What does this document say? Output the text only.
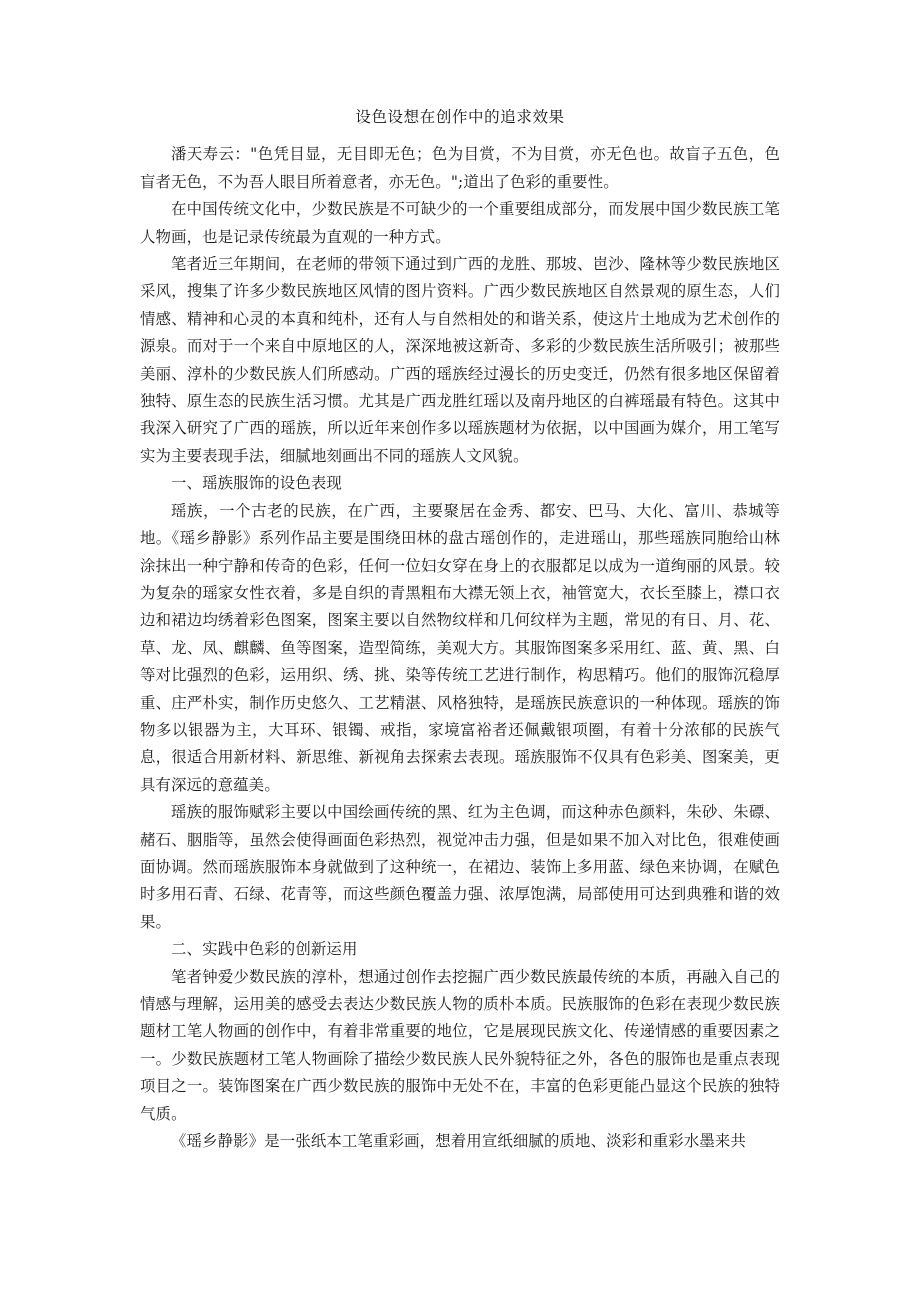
设色设想在创作中的追求效果

潘天寿云："色凭目显，无目即无色；色为目赏，不为目赏，亦无色也。故盲子五色，色盲者无色，不为吾人眼目所着意者，亦无色。";道出了色彩的重要性。

在中国传统文化中，少数民族是不可缺少的一个重要组成部分，而发展中国少数民族工笔人物画，也是记录传统最为直观的一种方式。

笔者近三年期间，在老师的带领下通过到广西的龙胜、那坡、岜沙、隆林等少数民族地区采风，搜集了许多少数民族地区风情的图片资料。广西少数民族地区自然景观的原生态，人们情感、精神和心灵的本真和纯朴，还有人与自然相处的和谐关系，使这片土地成为艺术创作的源泉。而对于一个来自中原地区的人，深深地被这新奇、多彩的少数民族生活所吸引；被那些美丽、淳朴的少数民族人们所感动。广西的瑶族经过漫长的历史变迁，仍然有很多地区保留着独特、原生态的民族生活习惯。尤其是广西龙胜红瑶以及南丹地区的白裤瑶最有特色。这其中我深入研究了广西的瑶族，所以近年来创作多以瑶族题材为依据，以中国画为媒介，用工笔写实为主要表现手法，细腻地刻画出不同的瑶族人文风貌。

一、瑶族服饰的设色表现

瑶族，一个古老的民族，在广西，主要聚居在金秀、都安、巴马、大化、富川、恭城等地。《瑶乡静影》系列作品主要是围绕田林的盘古瑶创作的，走进瑶山，那些瑶族同胞给山林涂抹出一种宁静和传奇的色彩，任何一位妇女穿在身上的衣服都足以成为一道绚丽的风景。较为复杂的瑶家女性衣着，多是自织的青黑粗布大襟无领上衣，袖管宽大，衣长至膝上，襟口衣边和裙边均绣着彩色图案，图案主要以自然物纹样和几何纹样为主题，常见的有日、月、花、草、龙、凤、麒麟、鱼等图案，造型简练，美观大方。其服饰图案多采用红、蓝、黄、黑、白等对比强烈的色彩，运用织、绣、挑、染等传统工艺进行制作，构思精巧。他们的服饰沉稳厚重、庄严朴实，制作历史悠久、工艺精湛、风格独特，是瑶族民族意识的一种体现。瑶族的饰物多以银器为主，大耳环、银镯、戒指，家境富裕者还佩戴银项圈，有着十分浓郁的民族气息，很适合用新材料、新思维、新视角去探索去表现。瑶族服饰不仅具有色彩美、图案美，更具有深远的意蕴美。

瑶族的服饰赋彩主要以中国绘画传统的黑、红为主色调，而这种赤色颜料，朱砂、朱磦、赭石、胭脂等，虽然会使得画面色彩热烈，视觉冲击力强，但是如果不加入对比色，很难使画面协调。然而瑶族服饰本身就做到了这种统一，在裙边、装饰上多用蓝、绿色来协调，在赋色时多用石青、石绿、花青等，而这些颜色覆盖力强、浓厚饱满，局部使用可达到典雅和谐的效果。

二、实践中色彩的创新运用

笔者钟爱少数民族的淳朴，想通过创作去挖掘广西少数民族最传统的本质，再融入自己的情感与理解，运用美的感受去表达少数民族人物的质朴本质。民族服饰的色彩在表现少数民族题材工笔人物画的创作中，有着非常重要的地位，它是展现民族文化、传递情感的重要因素之一。少数民族题材工笔人物画除了描绘少数民族人民外貌特征之外，各色的服饰也是重点表现项目之一。装饰图案在广西少数民族的服饰中无处不在，丰富的色彩更能凸显这个民族的独特气质。

《瑶乡静影》是一张纸本工笔重彩画，想着用宣纸细腻的质地、淡彩和重彩水墨来共
